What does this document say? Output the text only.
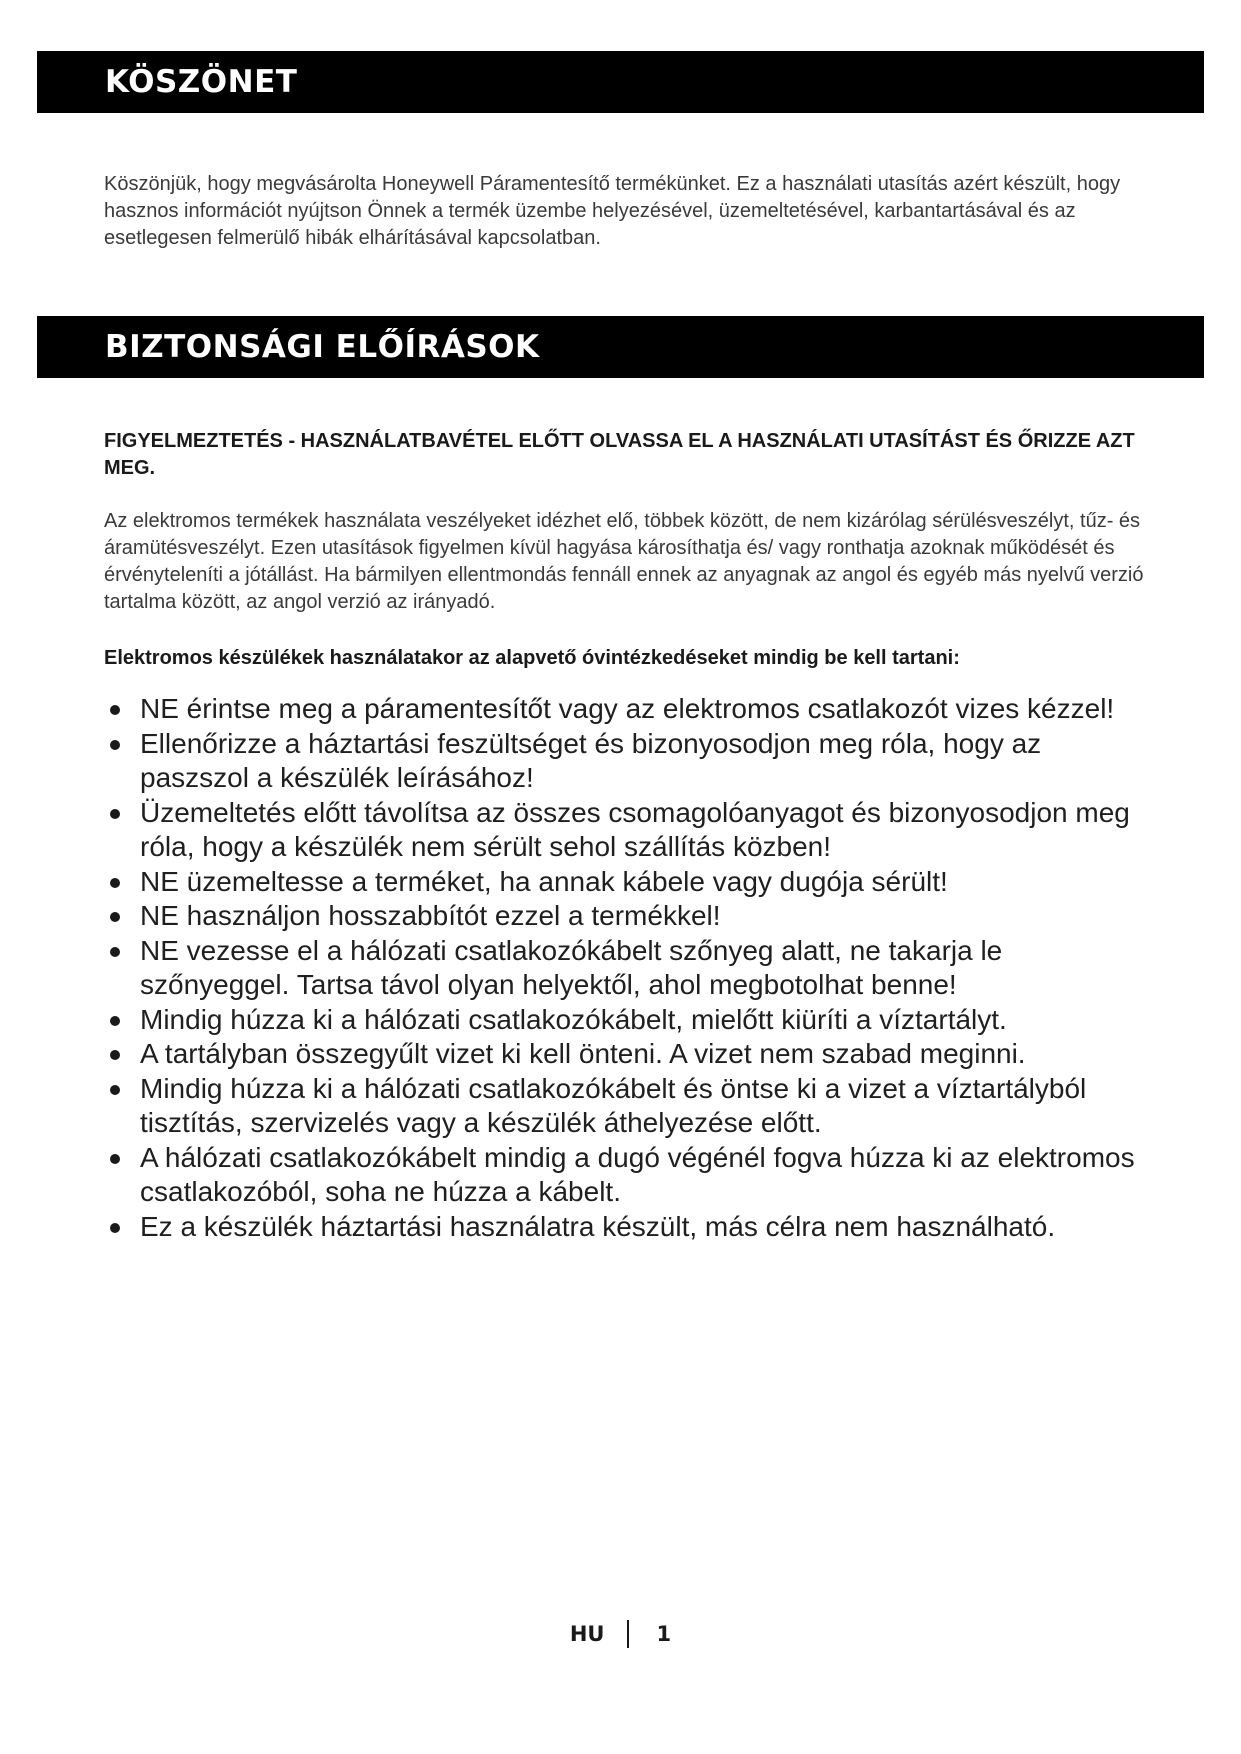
KÖSZÖNET

Köszönjük, hogy megvásárolta Honeywell Páramentesítő termékünket. Ez a használati utasítás azért készült, hogy hasznos információt nyújtson Önnek a termék üzembe helyezésével, üzemeltetésével, karbantartásával és az esetlegesen felmerülő hibák elhárításával kapcsolatban.

BIZTONSÁGI ELŐÍRÁSOK

FIGYELMEZTETÉS - HASZNÁLATBAVÉTEL ELŐTT OLVASSA EL A HASZNÁLATI UTASÍTÁST ÉS ŐRIZZE AZT MEG.

Az elektromos termékek használata veszélyeket idézhet elő, többek között, de nem kizárólag sérülésveszélyt, tűz- és áramütésveszélyt. Ezen utasítások figyelmen kívül hagyása károsíthatja és/ vagy ronthatja azoknak működését és érvényteleníti a jótállást. Ha bármilyen ellentmondás fennáll ennek az anyagnak az angol és egyéb más nyelvű verzió tartalma között, az angol verzió az irányadó.

Elektromos készülékek használatakor az alapvető óvintézkedéseket mindig be kell tartani:

NE érintse meg a páramentesítőt vagy az elektromos csatlakozót vizes kézzel!
Ellenőrizze a háztartási feszültséget és bizonyosodjon meg róla, hogy az paszszol a készülék leírásához!
Üzemeltetés előtt távolítsa az összes csomagolóanyagot és bizonyosodjon meg róla, hogy a készülék nem sérült sehol szállítás közben!
NE üzemeltesse a terméket, ha annak kábele vagy dugója sérült!
NE használjon hosszabbítót ezzel a termékkel!
NE vezesse el a hálózati csatlakozókábelt szőnyeg alatt, ne takarja le szőnyeggel. Tartsa távol olyan helyektől, ahol megbotolhat benne!
Mindig húzza ki a hálózati csatlakozókábelt, mielőtt kiüríti a víztartályt.
A tartályban összegyűlt vizet ki kell önteni. A vizet nem szabad meginni.
Mindig húzza ki a hálózati csatlakozókábelt és öntse ki a vizet a víztartályból tisztítás, szervizelés vagy a készülék áthelyezése előtt.
A hálózati csatlakozókábelt mindig a dugó végénél fogva húzza ki az elektromos csatlakozóból, soha ne húzza a kábelt.
Ez a készülék háztartási használatra készült, más célra nem használható.
HU 1
